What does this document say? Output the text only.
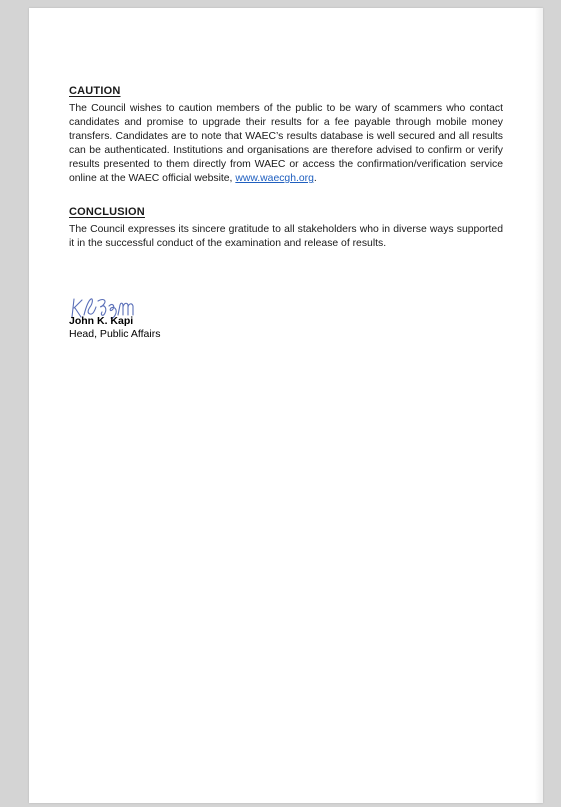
CAUTION

The Council wishes to caution members of the public to be wary of scammers who contact candidates and promise to upgrade their results for a fee payable through mobile money transfers. Candidates are to note that WAEC’s results database is well secured and all results can be authenticated. Institutions and organisations are therefore advised to confirm or verify results presented to them directly from WAEC or access the confirmation/verification service online at the WAEC official website, www.waecgh.org.

CONCLUSION

The Council expresses its sincere gratitude to all stakeholders who in diverse ways supported it in the successful conduct of the examination and release of results.

John K. Kapi

Head, Public Affairs
